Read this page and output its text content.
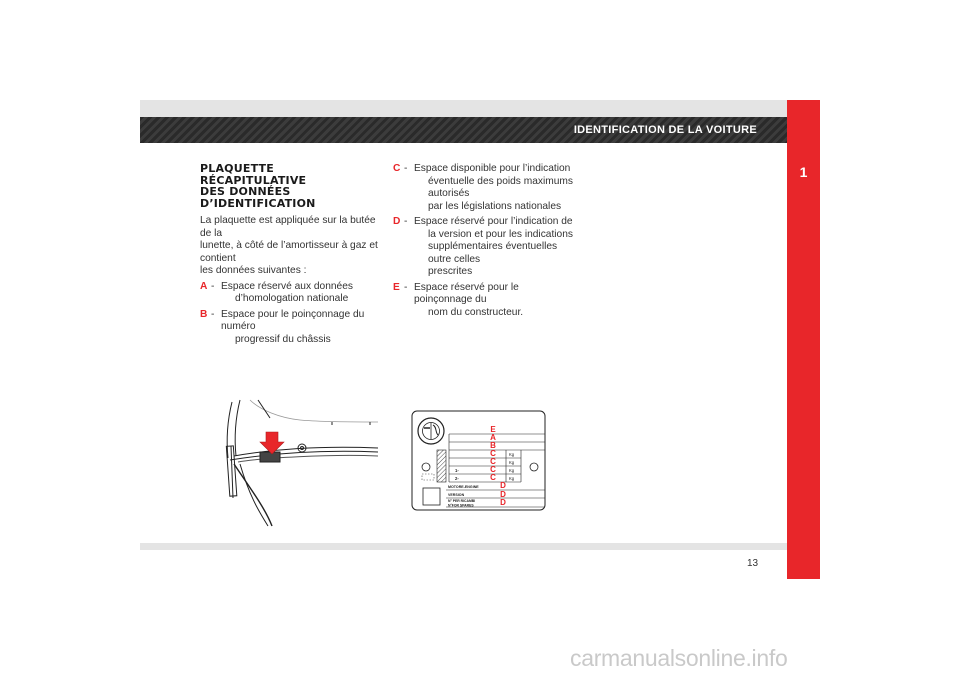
IDENTIFICATION DE LA VOITURE
1
PLAQUETTE
RÉCAPITULATIVE
DES DONNÉES
D’IDENTIFICATION
La plaquette est appliquée sur la butée de la
lunette, à côté de l’amortisseur à gaz et contient
les données suivantes :
A - Espace réservé aux données
d’homologation nationale
B - Espace pour le poinçonnage du numéro
progressif du châssis
C - Espace disponible pour l’indication
éventuelle des poids maximums autorisés
par les législations nationales
D - Espace réservé pour l’indication de
la version et pour les indications
supplémentaires éventuelles outre celles
prescrites
E - Espace réservé pour le poinçonnage du
nom du constructeur.
E
A
B
C
C
C
C
D
D
D
Kg
Kg
Kg
Kg
1-
2-
MOTORE-ENGINE
VERSION
N° PER RICAMBI
N°FOR SPARES
13
carmanualsonline.info
